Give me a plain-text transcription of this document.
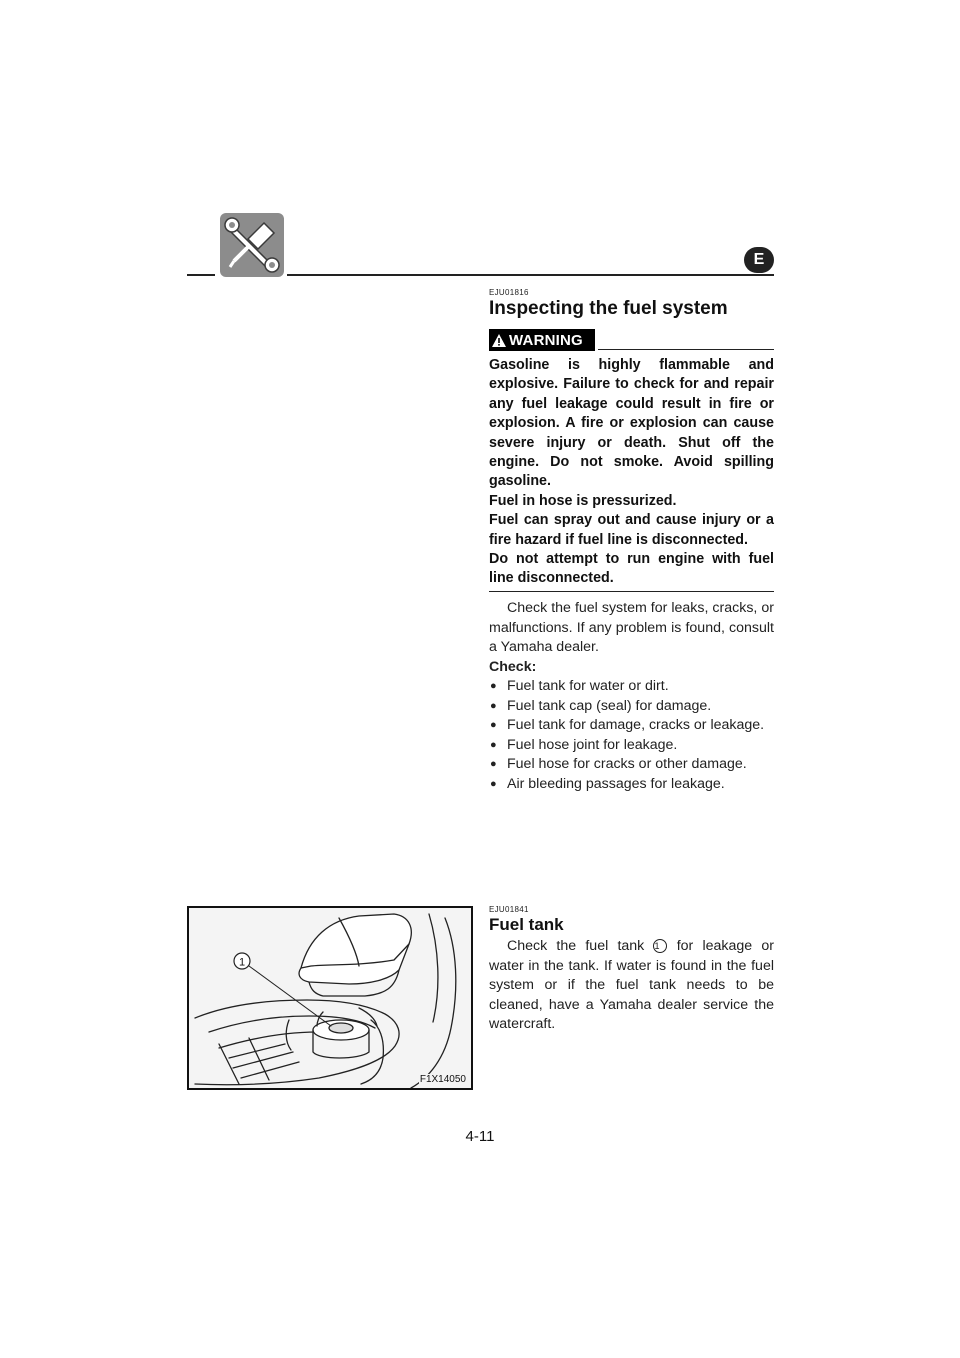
E
EJU01816
Inspecting the fuel system
WARNING

Gasoline is highly flammable and explosive. Failure to check for and repair any fuel leakage could result in fire or explosion. A fire or explosion can cause severe injury or death. Shut off the engine. Do not smoke. Avoid spilling gasoline.

Fuel in hose is pressurized.

Fuel can spray out and cause injury or a fire hazard if fuel line is disconnected.

Do not attempt to run engine with fuel line disconnected.

Check the fuel system for leaks, cracks, or malfunctions. If any problem is found, consult a Yamaha dealer.

Check:
● Fuel tank for water or dirt.
● Fuel tank cap (seal) for damage.
● Fuel tank for damage, cracks or leakage.
● Fuel hose joint for leakage.
● Fuel hose for cracks or other damage.
● Air bleeding passages for leakage.
1
F1X14050
EJU01841
Fuel tank

Check the fuel tank 1 for leakage or water in the tank. If water is found in the fuel system or if the fuel tank needs to be cleaned, have a Yamaha dealer service the watercraft.

4-11
